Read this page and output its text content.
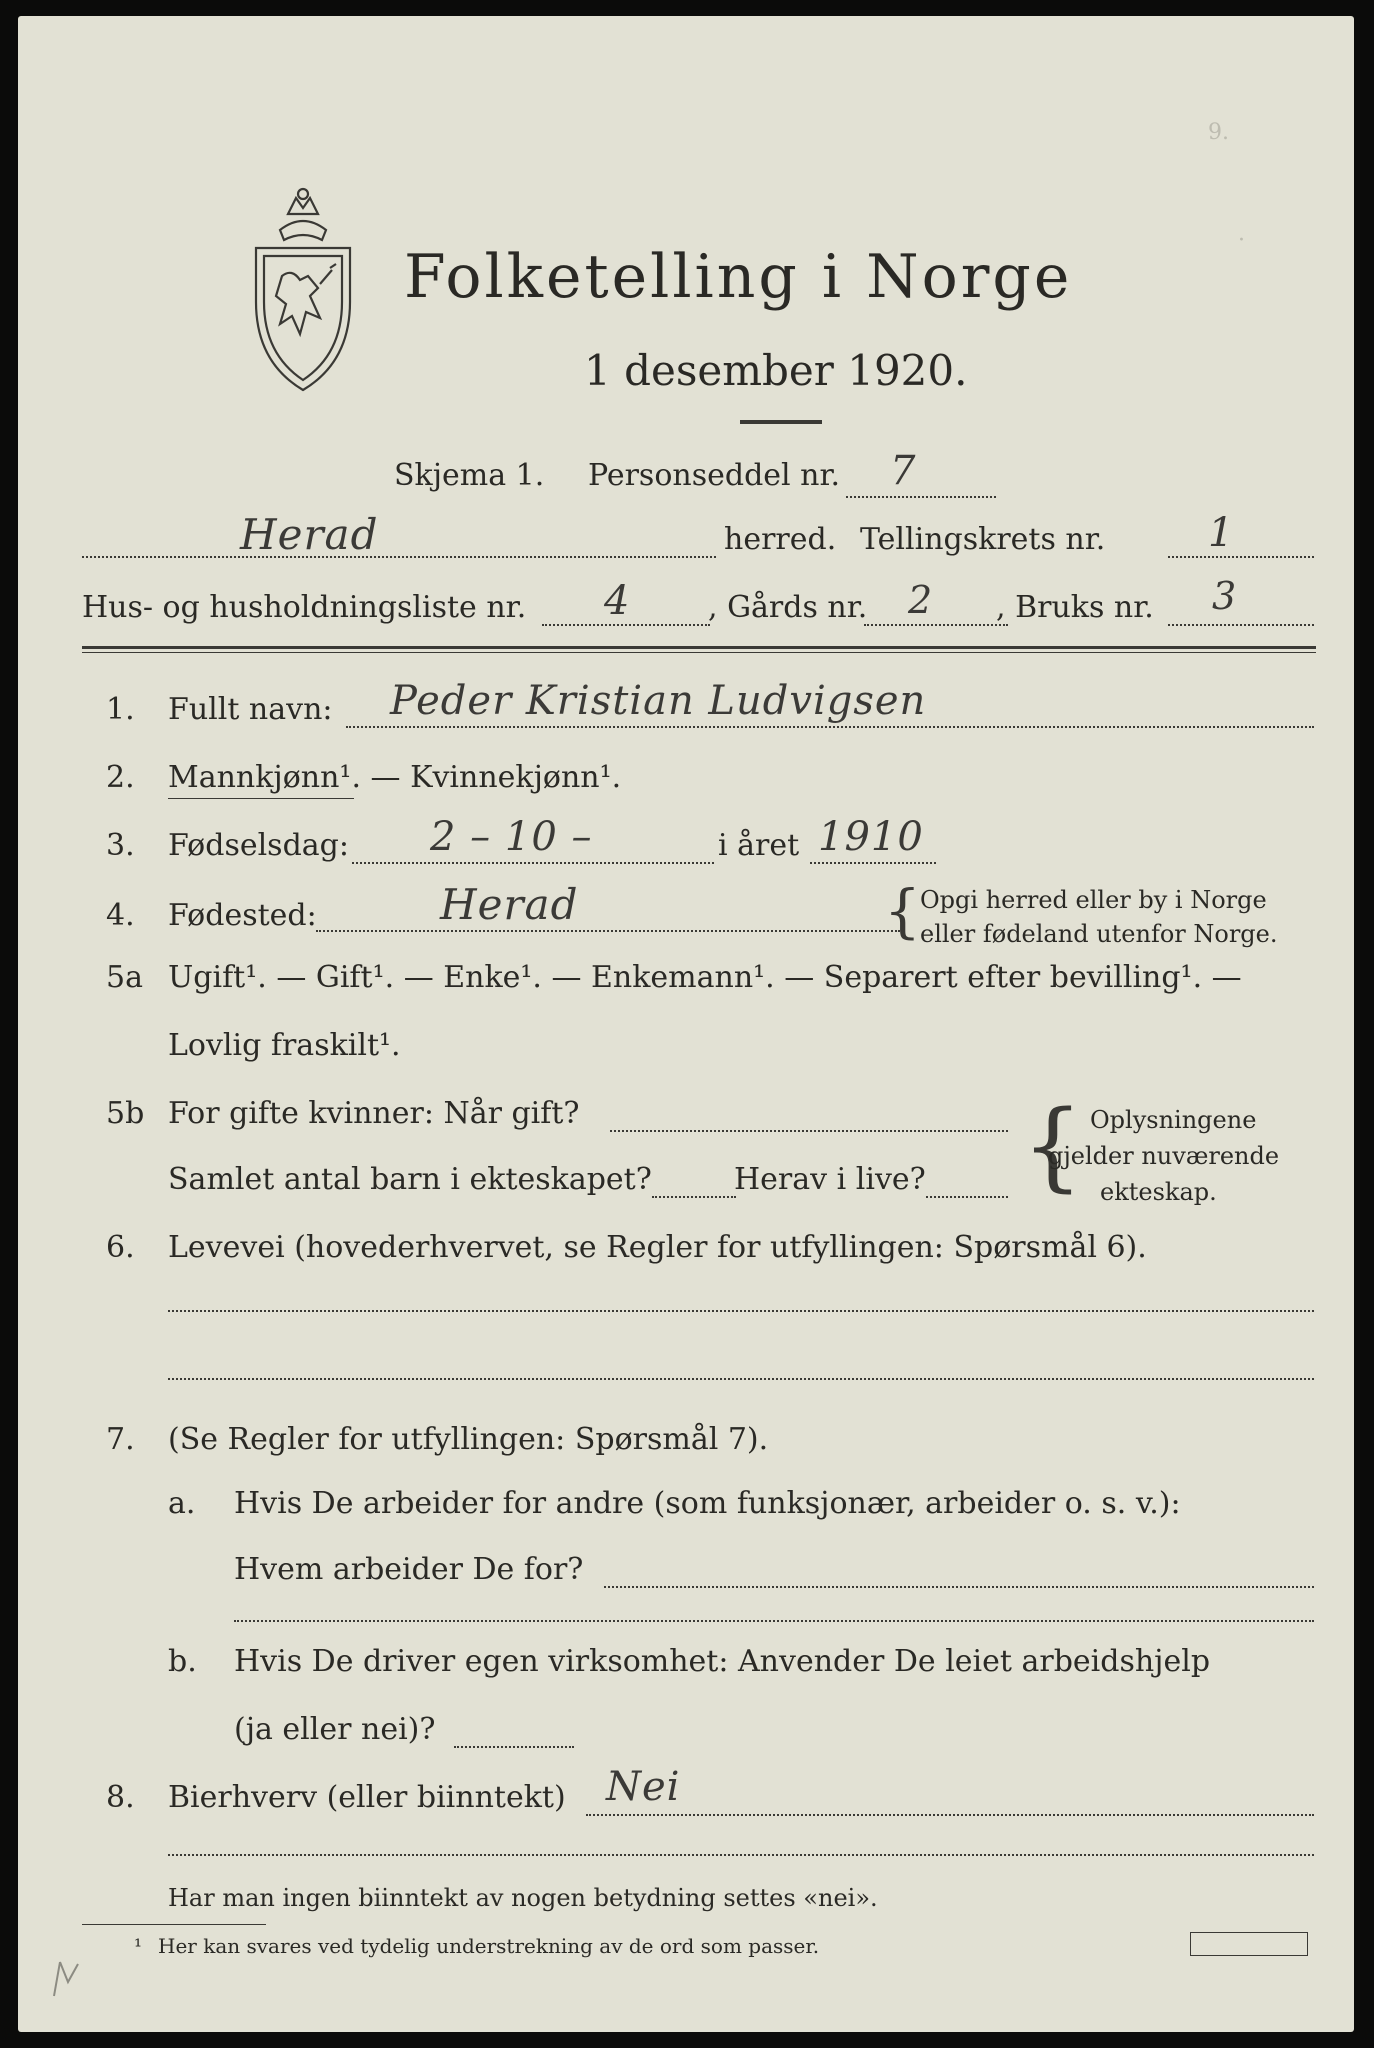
9.
·
Folketelling i Norge
1 desember 1920.
Skjema 1. Personseddel nr. 7
Herad	herred. Tellingskrets nr.	1
Hus- og husholdningsliste nr. 4	, Gårds nr. 2 , Bruks nr. 3
1. Fullt navn: Peder Kristian Ludvigsen
2. Mannkjønn¹. — Kvinnekjønn¹.
3. Fødselsdag: 2 – 10 –	i året 1910
4. Fødested:	Herad	{ Opgi herred eller by i Norge
eller fødeland utenfor Norge.
5a Ugift¹. — Gift¹. — Enke¹. — Enkemann¹. — Separert efter bevilling¹. —
Lovlig fraskilt¹.
5b For gifte kvinner: Når gift?
Samlet antal barn i ekteskapet?	Herav i live? { Oplysningene
gjelder nuværende
ekteskap.
6. Levevei (hovederhvervet, se Regler for utfyllingen: Spørsmål 6).
7. (Se Regler for utfyllingen: Spørsmål 7).
a. Hvis De arbeider for andre (som funksjonær, arbeider o. s. v.):
Hvem arbeider De for?
b. Hvis De driver egen virksomhet: Anvender De leiet arbeidshjelp
(ja eller nei)?
8. Bierhverv (eller biinntekt) Nei
Har man ingen biinntekt av nogen betydning settes «nei».
¹ Her kan svares ved tydelig understrekning av de ord som passer.
